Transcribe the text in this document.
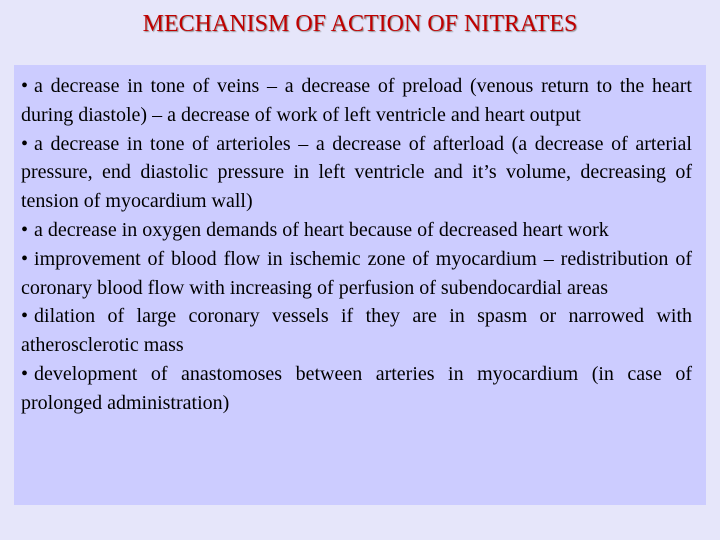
MECHANISM OF ACTION OF NITRATES
• a decrease in tone of veins – a decrease of preload (venous return to the heart during diastole) – a decrease of work of left ventricle and heart output
• a decrease in tone of arterioles – a decrease of afterload (a decrease of arterial pressure, end diastolic pressure in left ventricle and it’s volume, decreasing of tension of myocardium wall)
• a decrease in oxygen demands of heart because of decreased heart work
• improvement of blood flow in ischemic zone of myocardium – redistribution of coronary blood flow with increasing of perfusion of subendocardial areas
• dilation of large coronary vessels if they are in spasm or narrowed with atherosclerotic mass
• development of anastomoses between arteries in myocardium (in case of prolonged administration)
